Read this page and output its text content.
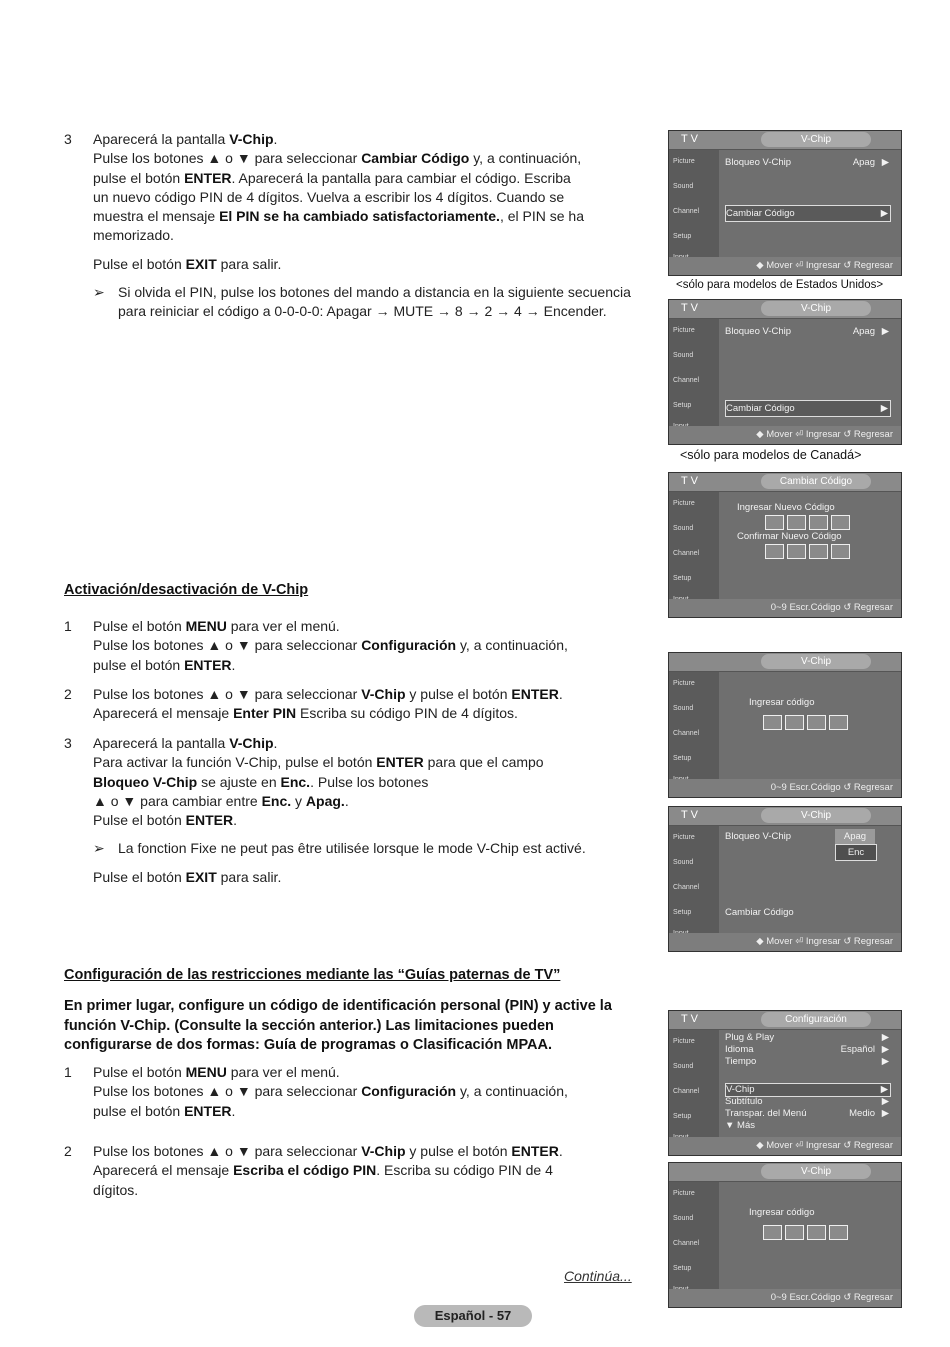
3 Aparecerá la pantalla V-Chip.
Pulse los botones ▲ o ▼ para seleccionar Cambiar Código y, a continuación,
pulse el botón ENTER. Aparecerá la pantalla para cambiar el código. Escriba
un nuevo código PIN de 4 dígitos. Vuelva a escribir los 4 dígitos. Cuando se
muestra el mensaje El PIN se ha cambiado satisfactoriamente., el PIN se ha
memorizado.

Pulse el botón EXIT para salir.

➢ Si olvida el PIN, pulse los botones del mando a distancia en la siguiente secuencia para reiniciar el código a 0-0-0-0: Apagar → MUTE → 8 → 2 → 4 → Encender.
Activación/desactivación de V-Chip
1 Pulse el botón MENU para ver el menú.
Pulse los botones ▲ o ▼ para seleccionar Configuración y, a continuación,
pulse el botón ENTER.

2 Pulse los botones ▲ o ▼ para seleccionar V-Chip y pulse el botón ENTER.
Aparecerá el mensaje Enter PIN Escriba su código PIN de 4 dígitos.

3 Aparecerá la pantalla V-Chip.
Para activar la función V-Chip, pulse el botón ENTER para que el campo
Bloqueo V-Chip se ajuste en Enc.. Pulse los botones
▲ o ▼ para cambiar entre Enc. y Apag..
Pulse el botón ENTER.

➢ La fonction Fixe ne peut pas être utilisée lorsque le mode V-Chip est activé.

Pulse el botón EXIT para salir.

Configuración de las restricciones mediante las “Guías paternas de TV”
En primer lugar, configure un código de identificación personal (PIN) y active la función V-Chip. (Consulte la sección anterior.) Las limitaciones pueden configurarse de dos formas: Guía de programas o Clasificación MPAA.
1 Pulse el botón MENU para ver el menú.
Pulse los botones ▲ o ▼ para seleccionar Configuración y, a continuación,
pulse el botón ENTER.

2 Pulse los botones ▲ o ▼ para seleccionar V-Chip y pulse el botón ENTER.
Aparecerá el mensaje Escriba el código PIN. Escriba su código PIN de 4
dígitos.

Continúa...
Español - 57
T V	V-Chip
Picture
Sound
Channel
Setup
Bloqueo V-Chip	Apag ▶
Cambiar Código	▶
◆ Mover ⏎ Ingresar ↺ Regresar
<sólo para modelos de Estados Unidos>
T V	V-Chip
Picture
Sound
Channel
Setup
Bloqueo V-Chip	Apag ▶
Cambiar Código	▶
◆ Mover ⏎ Ingresar ↺ Regresar
<sólo para modelos de Canadá>
T V	Cambiar Código
Picture
Sound
Channel
Setup
Ingresar Nuevo Código
Confirmar Nuevo Código
0~9 Escr.Código ↺ Regresar
V-Chip
Picture
Sound
Channel
Setup
Ingresar código
0~9 Escr.Código ↺ Regresar
T V	V-Chip
Picture
Sound
Channel
Setup
Bloqueo V-Chip	Apag
Enc
Cambiar Código
◆ Mover ⏎ Ingresar ↺ Regresar
T V	Configuración
Picture
Sound
Channel
Setup
Plug & Play	▶
Idioma	Español ▶
Tiempo	▶
V-Chip	▶
Subtítulo	▶
Transpar. del Menú	Medio ▶
▼ Más
◆ Mover ⏎ Ingresar ↺ Regresar
V-Chip
Picture
Sound
Channel
Setup
Ingresar código
0~9 Escr.Código ↺ Regresar
